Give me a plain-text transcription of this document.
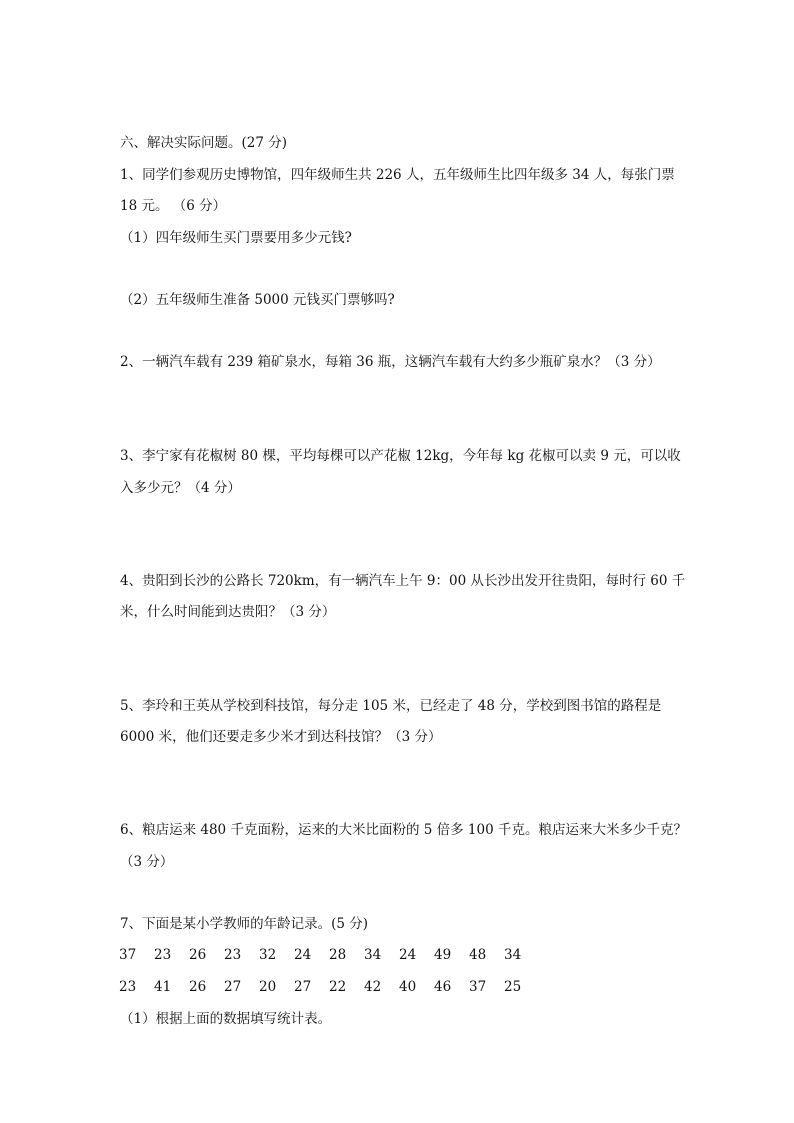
六、解决实际问题。(27 分)
1、同学们参观历史博物馆，四年级师生共 226 人，五年级师生比四年级多 34 人，每张门票
18 元。 （6 分）
（1）四年级师生买门票要用多少元钱?
（2）五年级师生准备 5000 元钱买门票够吗?
2、一辆汽车载有 239 箱矿泉水，每箱 36 瓶，这辆汽车载有大约多少瓶矿泉水？（3 分）
3、李宁家有花椒树 80 棵，平均每棵可以产花椒 12kg，今年每 kg 花椒可以卖 9 元，可以收
入多少元？（4 分）
4、贵阳到长沙的公路长 720km，有一辆汽车上午 9：00 从长沙出发开往贵阳，每时行 60 千
米，什么时间能到达贵阳？（3 分）
5、李玲和王英从学校到科技馆，每分走 105 米，已经走了 48 分，学校到图书馆的路程是
6000 米，他们还要走多少米才到达科技馆？（3 分）
6、粮店运来 480 千克面粉，运来的大米比面粉的 5 倍多 100 千克。粮店运来大米多少千克？
（3 分）
7、下面是某小学教师的年龄记录。(5 分)
37 23 26 23 32 24 28 34 24 49 48 34
23 41 26 27 20 27 22 42 40 46 37 25
（1）根据上面的数据填写统计表。
